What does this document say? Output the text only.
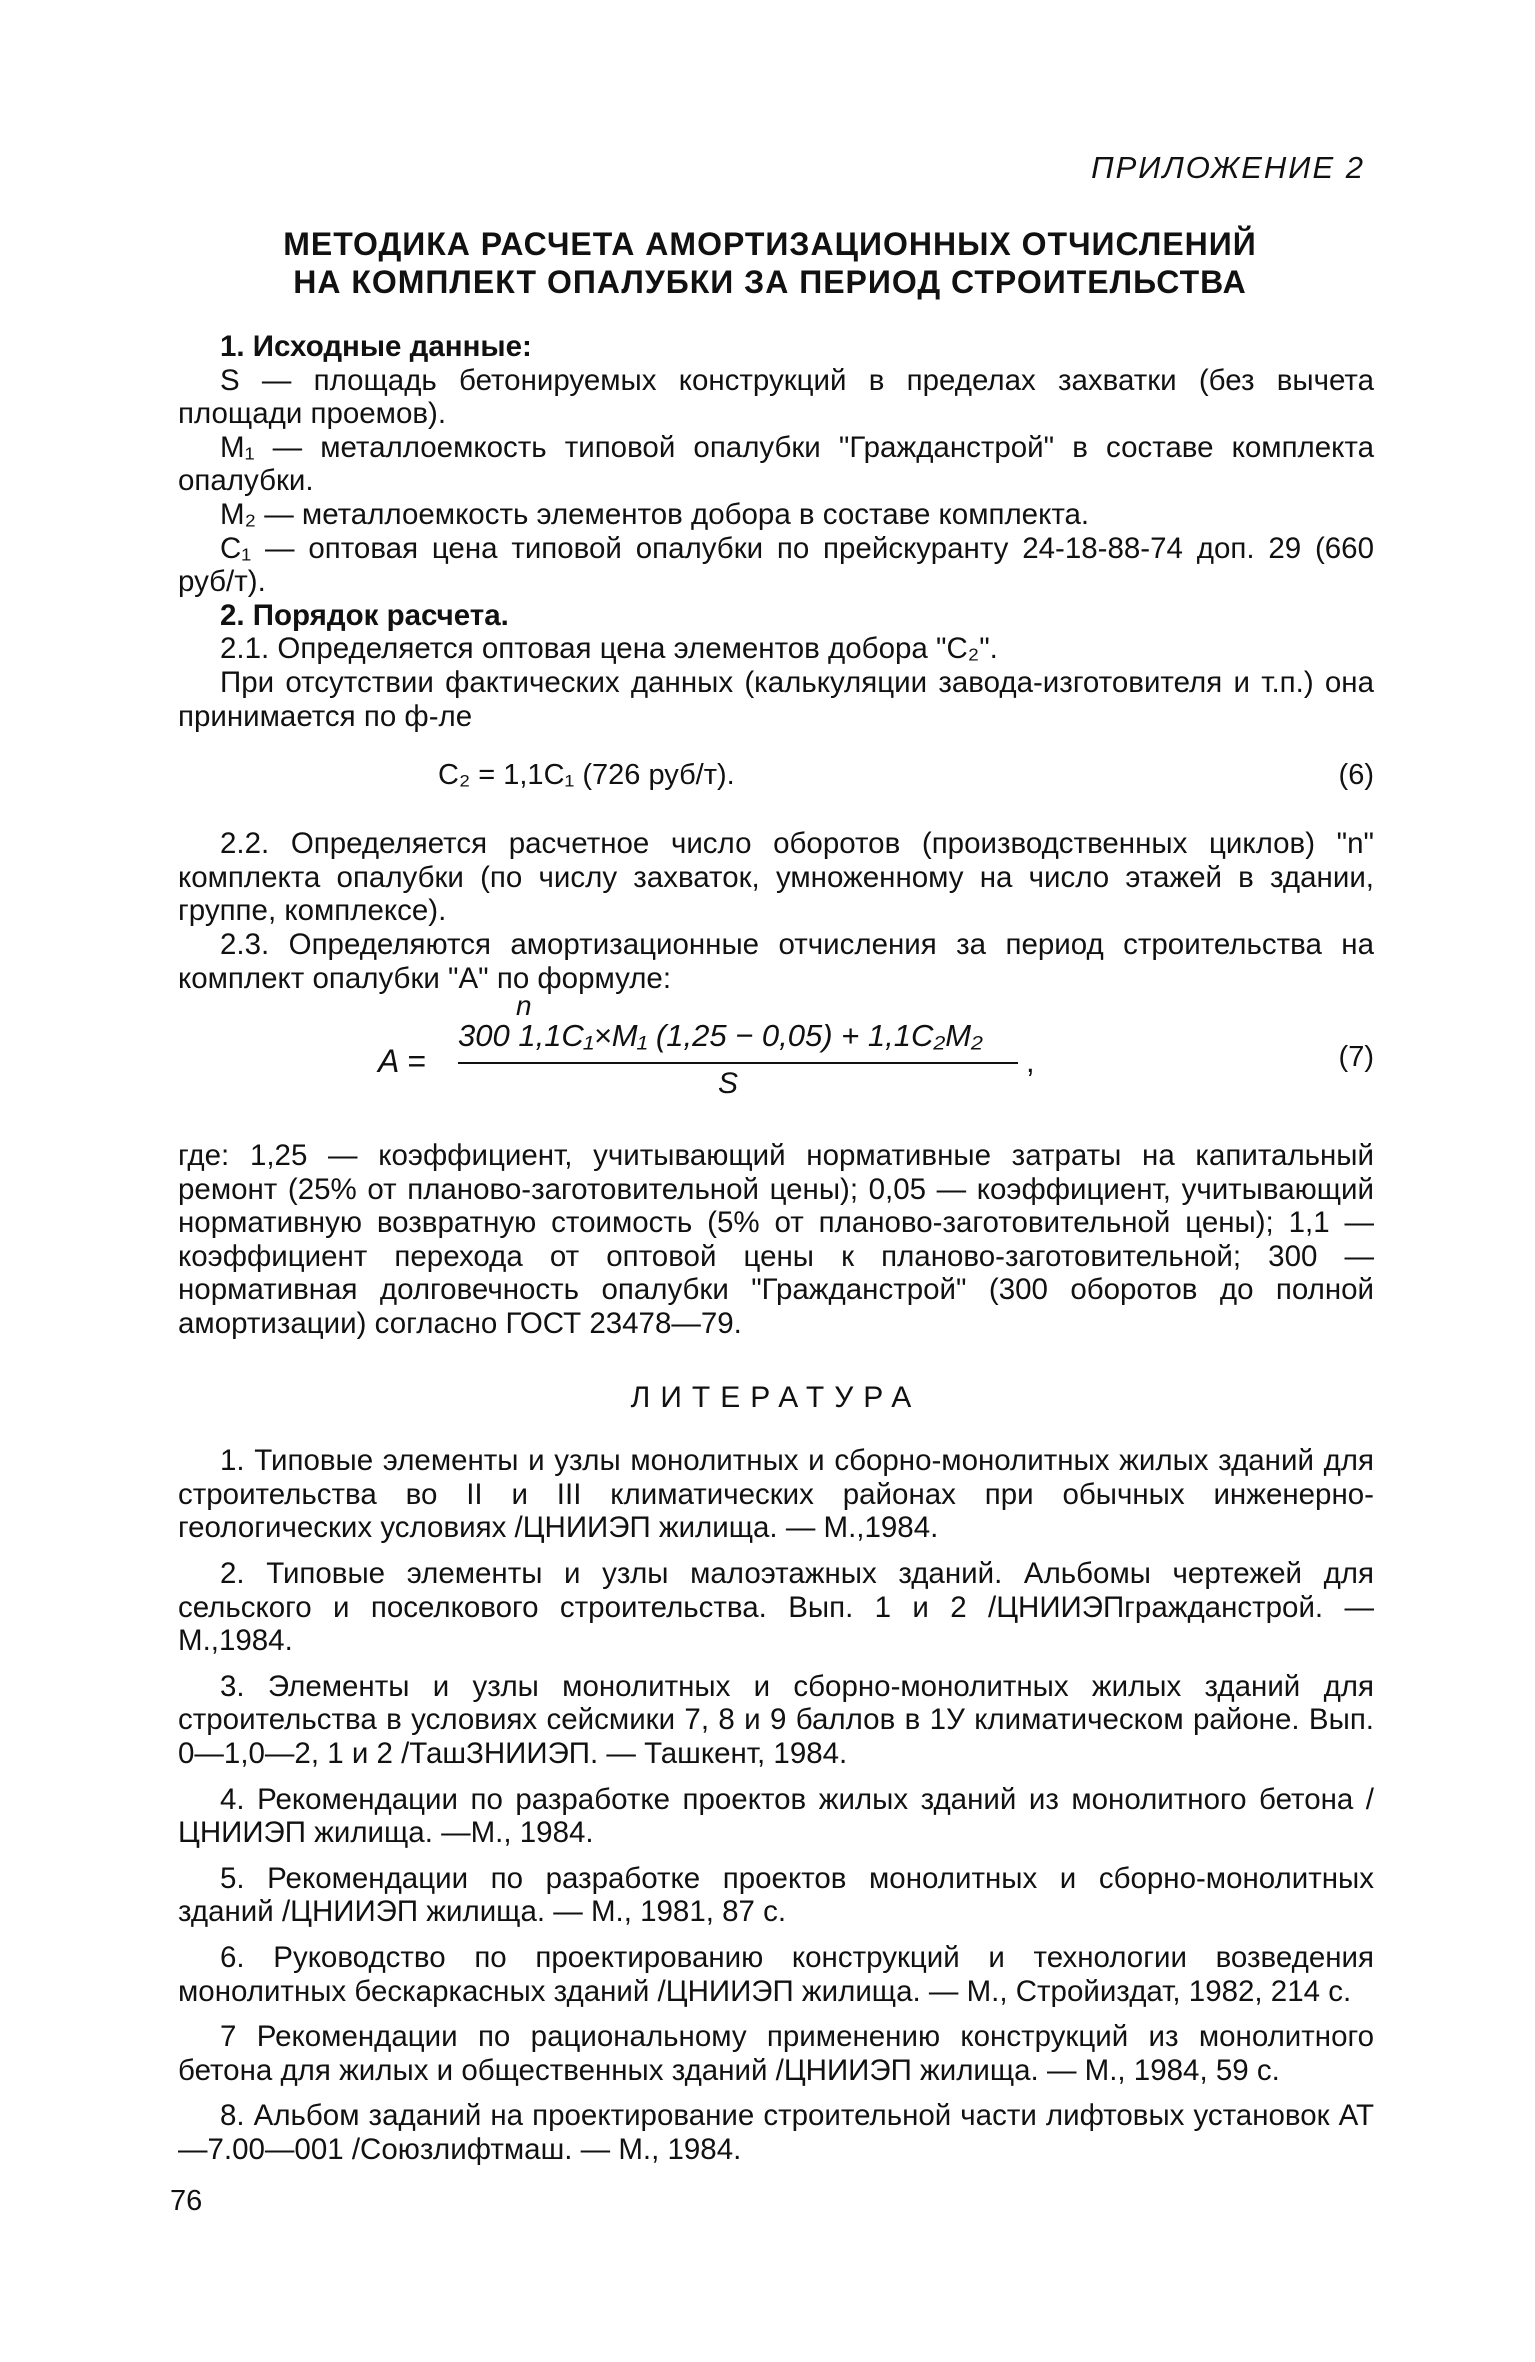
ПРИЛОЖЕНИЕ 2
МЕТОДИКА РАСЧЕТА АМОРТИЗАЦИОННЫХ ОТЧИСЛЕНИЙ
НА КОМПЛЕКТ ОПАЛУБКИ ЗА ПЕРИОД СТРОИТЕЛЬСТВА

1. Исходные данные:

S — площадь бетонируемых конструкций в пределах захватки (без вычета площади проемов).

M₁ — металлоемкость типовой опалубки "Гражданстрой" в составе комплекта опалубки.

M₂ — металлоемкость элементов добора в составе комплекта.

C₁ — оптовая цена типовой опалубки по прейскуранту 24-18-88-74 доп. 29 (660 руб/т).

2. Порядок расчета.

2.1. Определяется оптовая цена элементов добора "C₂".

При отсутствии фактических данных (калькуляции завода-изготовителя и т.п.) она принимается по ф-ле

C₂ = 1,1C₁ (726 руб/т).	(6)

2.2. Определяется расчетное число оборотов (производственных циклов) "n" комплекта опалубки (по числу захваток, умноженному на число этажей в здании, группе, комплексе).

2.3. Определяются амортизационные отчисления за период строительства на комплект опалубки "А" по формуле:

A =
n
300 1,1C₁×M₁ (1,25 − 0,05) + 1,1C₂M₂
S
,	(7)

где: 1,25 — коэффициент, учитывающий нормативные затраты на капитальный ремонт (25% от планово-заготовительной цены); 0,05 — коэффициент, учитывающий нормативную возвратную стоимость (5% от планово-заготовительной цены); 1,1 — коэффициент перехода от оптовой цены к планово-заготовительной; 300 — нормативная долговечность опалубки "Гражданстрой" (300 оборотов до полной амортизации) согласно ГОСТ 23478—79.

ЛИТЕРАТУРА

1. Типовые элементы и узлы монолитных и сборно-монолитных жилых зданий для строительства во II и III климатических районах при обычных инженерно-геологических условиях /ЦНИИЭП жилища. — М.,1984.

2. Типовые элементы и узлы малоэтажных зданий. Альбомы чертежей для сельского и поселкового строительства. Вып. 1 и 2 /ЦНИИЭПгражданстрой. — М.,1984.

3. Элементы и узлы монолитных и сборно-монолитных жилых зданий для строительства в условиях сейсмики 7, 8 и 9 баллов в 1У климатическом районе. Вып. 0—1,0—2, 1 и 2 /ТашЗНИИЭП. — Ташкент, 1984.

4. Рекомендации по разработке проектов жилых зданий из монолитного бетона /ЦНИИЭП жилища. —М., 1984.

5. Рекомендации по разработке проектов монолитных и сборно-монолитных зданий /ЦНИИЭП жилища. — М., 1981, 87 с.

6. Руководство по проектированию конструкций и технологии возведения монолитных бескаркасных зданий /ЦНИИЭП жилища. — М., Стройиздат, 1982, 214 с.

7 Рекомендации по рациональному применению конструкций из монолитного бетона для жилых и общественных зданий /ЦНИИЭП жилища. — М., 1984, 59 с.

8. Альбом заданий на проектирование строительной части лифтовых установок АТ—7.00—001 /Союзлифтмаш. — М., 1984.

76
